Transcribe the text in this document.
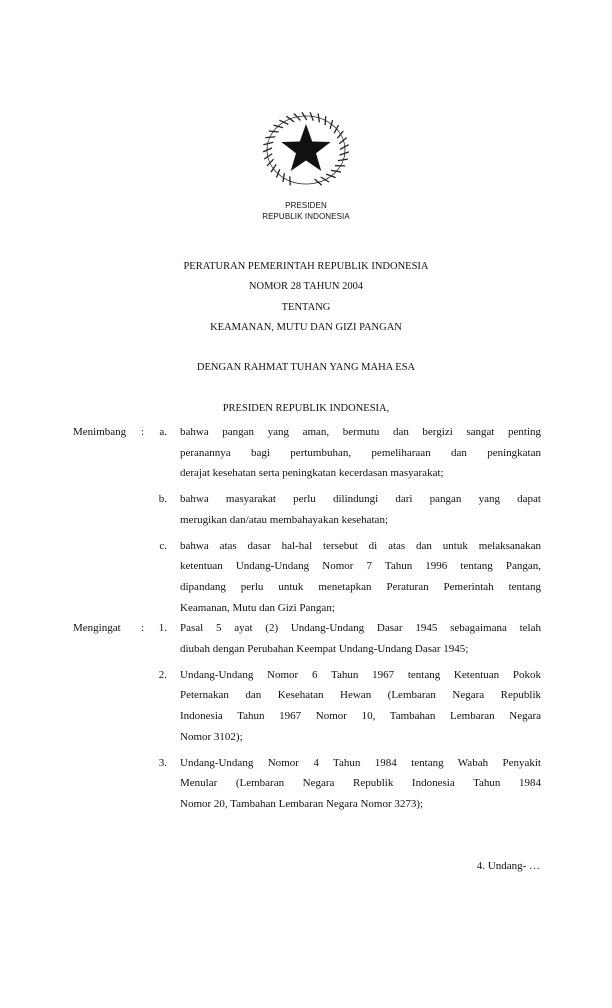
PRESIDEN
REPUBLIK INDONESIA
PERATURAN PEMERINTAH REPUBLIK INDONESIA
NOMOR 28 TAHUN 2004
TENTANG
KEAMANAN, MUTU DAN GIZI PANGAN
DENGAN RAHMAT TUHAN YANG MAHA ESA
PRESIDEN REPUBLIK INDONESIA,
Menimbang :	a. bahwa pangan yang aman, bermutu dan bergizi sangat penting
peranannya bagi pertumbuhan, pemeliharaan dan peningkatan
derajat kesehatan serta peningkatan kecerdasan masyarakat;
b. bahwa masyarakat perlu dilindungi dari pangan yang dapat
merugikan dan/atau membahayakan kesehatan;
c. bahwa atas dasar hal-hal tersebut di atas dan untuk melaksanakan
ketentuan Undang-Undang Nomor 7 Tahun 1996 tentang Pangan,
dipandang perlu untuk menetapkan Peraturan Pemerintah tentang
Keamanan, Mutu dan Gizi Pangan;
Mengingat :	1. Pasal 5 ayat (2) Undang-Undang Dasar 1945 sebagaimana telah
diubah dengan Perubahan Keempat Undang-Undang Dasar 1945;
2. Undang-Undang Nomor 6 Tahun 1967 tentang Ketentuan Pokok
Peternakan dan Kesehatan Hewan (Lembaran Negara Republik
Indonesia Tahun 1967 Nomor 10, Tambahan Lembaran Negara
Nomor 3102);
3. Undang-Undang Nomor 4 Tahun 1984 tentang Wabah Penyakit
Menular (Lembaran Negara Republik Indonesia Tahun 1984
Nomor 20, Tambahan Lembaran Negara Nomor 3273);
4. Undang- …
